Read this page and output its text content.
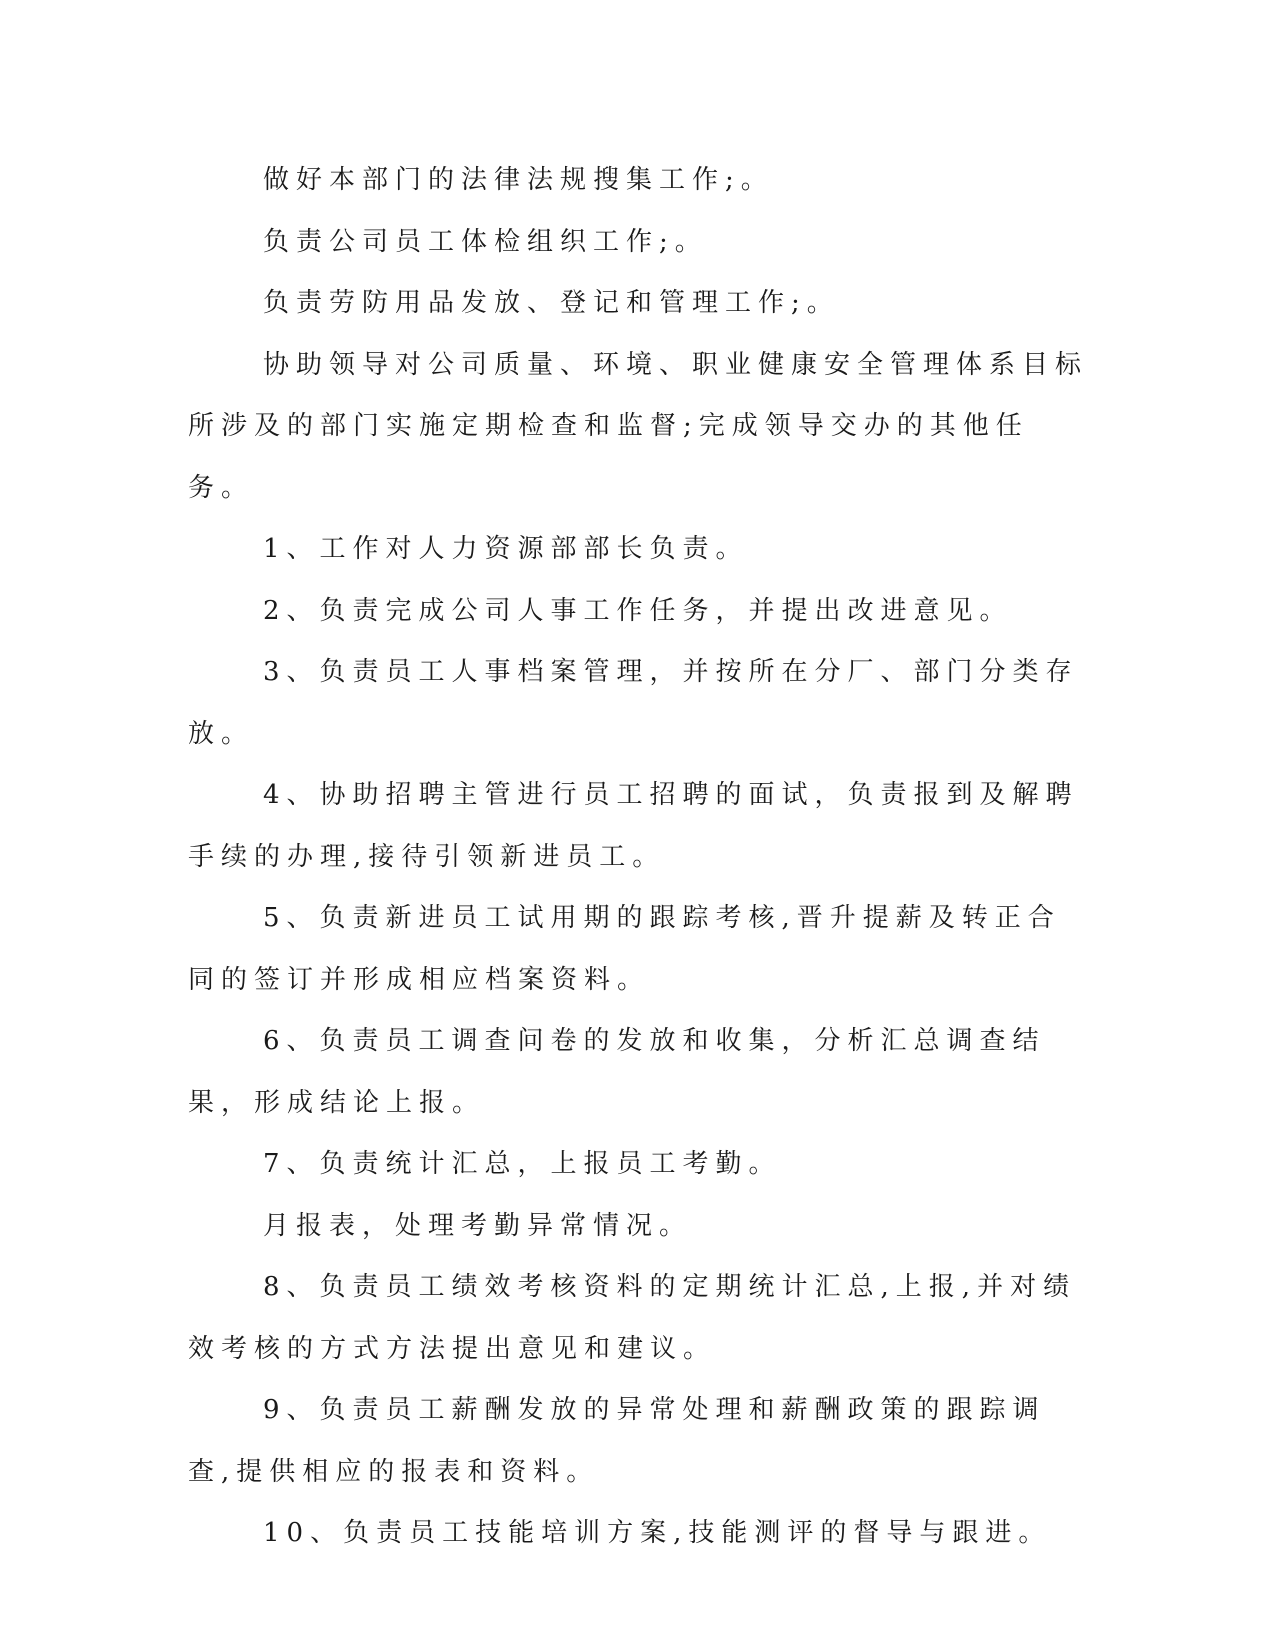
做好本部门的法律法规搜集工作;。

负责公司员工体检组织工作;。

负责劳防用品发放、登记和管理工作;。

协助领导对公司质量、环境、职业健康安全管理体系目标所涉及的部门实施定期检查和监督;完成领导交办的其他任务。

1、工作对人力资源部部长负责。

2、负责完成公司人事工作任务，并提出改进意见。

3、负责员工人事档案管理，并按所在分厂、部门分类存放。

4、协助招聘主管进行员工招聘的面试，负责报到及解聘手续的办理,接待引领新进员工。

5、负责新进员工试用期的跟踪考核,晋升提薪及转正合同的签订并形成相应档案资料。

6、负责员工调查问卷的发放和收集，分析汇总调查结果，形成结论上报。

7、负责统计汇总，上报员工考勤。

月报表，处理考勤异常情况。

8、负责员工绩效考核资料的定期统计汇总,上报,并对绩效考核的方式方法提出意见和建议。

9、负责员工薪酬发放的异常处理和薪酬政策的跟踪调查,提供相应的报表和资料。

10、负责员工技能培训方案,技能测评的督导与跟进。
